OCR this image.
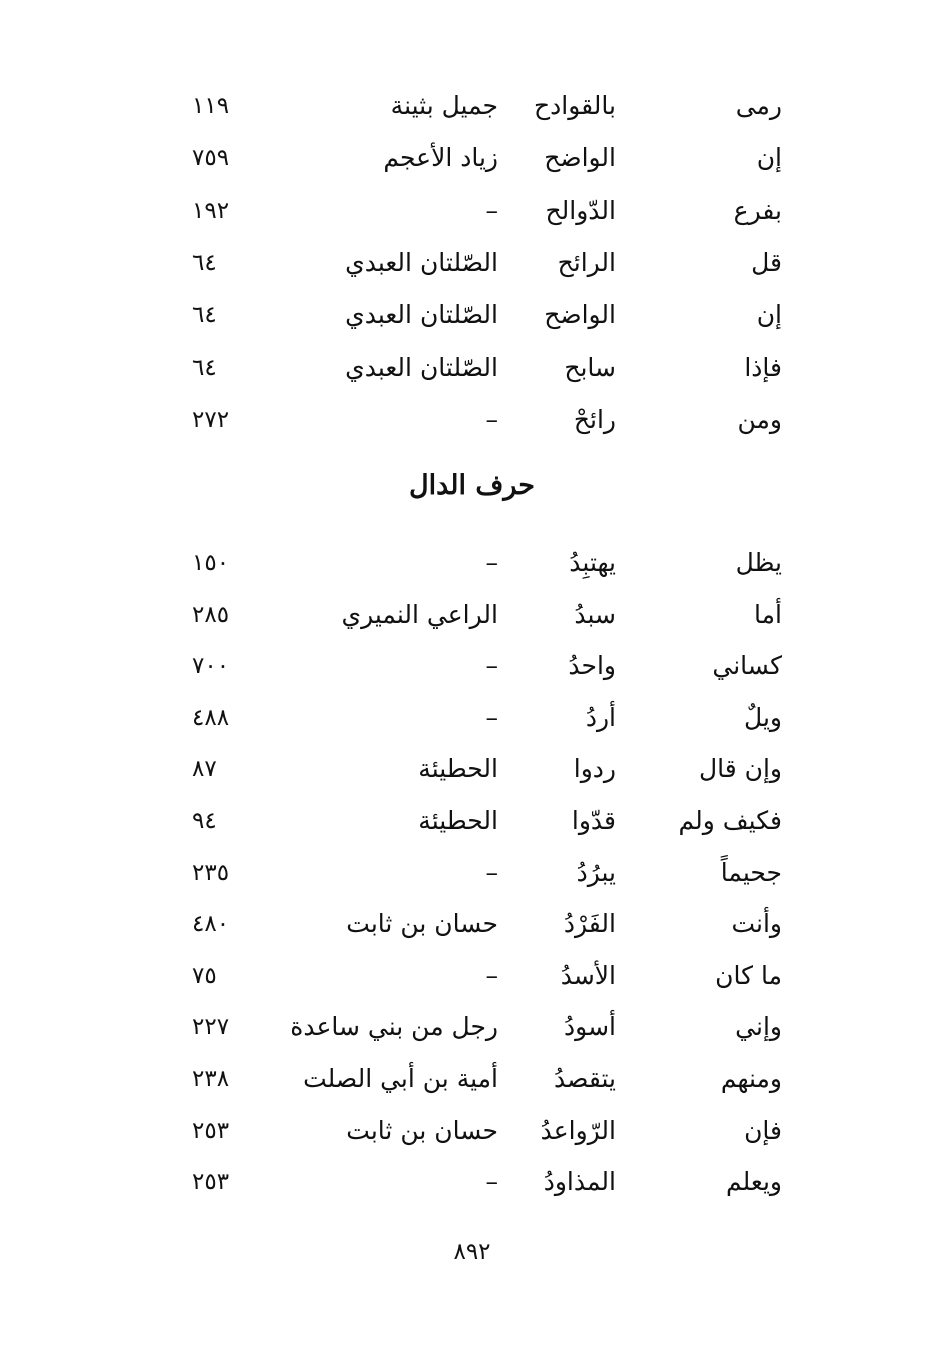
رمى
بالقوادح
جميل بثينة
١١٩
إن
الواضح
زياد الأعجم
٧٥٩
بفرع
الدّوالح
–
١٩٢
قل
الرائح
الصّلتان العبدي
٦٤
إن
الواضح
الصّلتان العبدي
٦٤
فإذا
سابح
الصّلتان العبدي
٦٤
ومن
رائحْ
–
٢٧٢
حرف الدال
يظل
يهتبِدُ
–
١٥٠
أما
سبدُ
الراعي النميري
٢٨٥
كساني
واحدُ
–
٧٠٠
ويلٌ
أردُ
–
٤٨٨
وإن قال
ردوا
الحطيئة
٨٧
فكيف ولم
قدّوا
الحطيئة
٩٤
جحيماً
يبرُدُ
–
٢٣٥
وأنت
الفَرْدُ
حسان بن ثابت
٤٨٠
ما كان
الأسدُ
–
٧٥
وإني
أسودُ
رجل من بني ساعدة
٢٢٧
ومنهم
يتقصدُ
أمية بن أبي الصلت
٢٣٨
فإن
الرّواعدُ
حسان بن ثابت
٢٥٣
ويعلم
المذاودُ
–
٢٥٣
٨٩٢
